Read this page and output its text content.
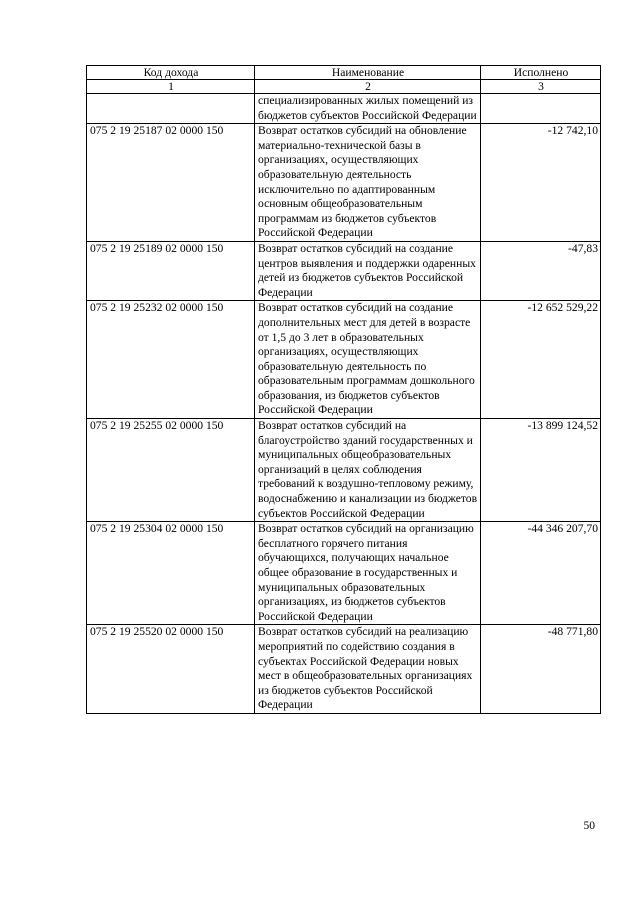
Код дохода	Наименование	Исполнено
1	2	3
	специализированных жилых помещений из бюджетов субъектов Российской Федерации	
075 2 19 25187 02 0000 150	Возврат остатков субсидий на обновление материально-технической базы в организациях, осуществляющих образовательную деятельность исключительно по адаптированным основным общеобразовательным программам из бюджетов субъектов Российской Федерации	-12 742,10
075 2 19 25189 02 0000 150	Возврат остатков субсидий на создание центров выявления и поддержки одаренных детей из бюджетов субъектов Российской Федерации	-47,83
075 2 19 25232 02 0000 150	Возврат остатков субсидий на создание дополнительных мест для детей в возрасте от 1,5 до 3 лет в образовательных организациях, осуществляющих образовательную деятельность по образовательным программам дошкольного образования, из бюджетов субъектов Российской Федерации	-12 652 529,22
075 2 19 25255 02 0000 150	Возврат остатков субсидий на благоустройство зданий государственных и муниципальных общеобразовательных организаций в целях соблюдения требований к воздушно-тепловому режиму, водоснабжению и канализации из бюджетов субъектов Российской Федерации	-13 899 124,52
075 2 19 25304 02 0000 150	Возврат остатков субсидий на организацию бесплатного горячего питания обучающихся, получающих начальное общее образование в государственных и муниципальных образовательных организациях, из бюджетов субъектов Российской Федерации	-44 346 207,70
075 2 19 25520 02 0000 150	Возврат остатков субсидий на реализацию мероприятий по содействию создания в субъектах Российской Федерации новых мест в общеобразовательных организациях из бюджетов субъектов Российской Федерации	-48 771,80
50
